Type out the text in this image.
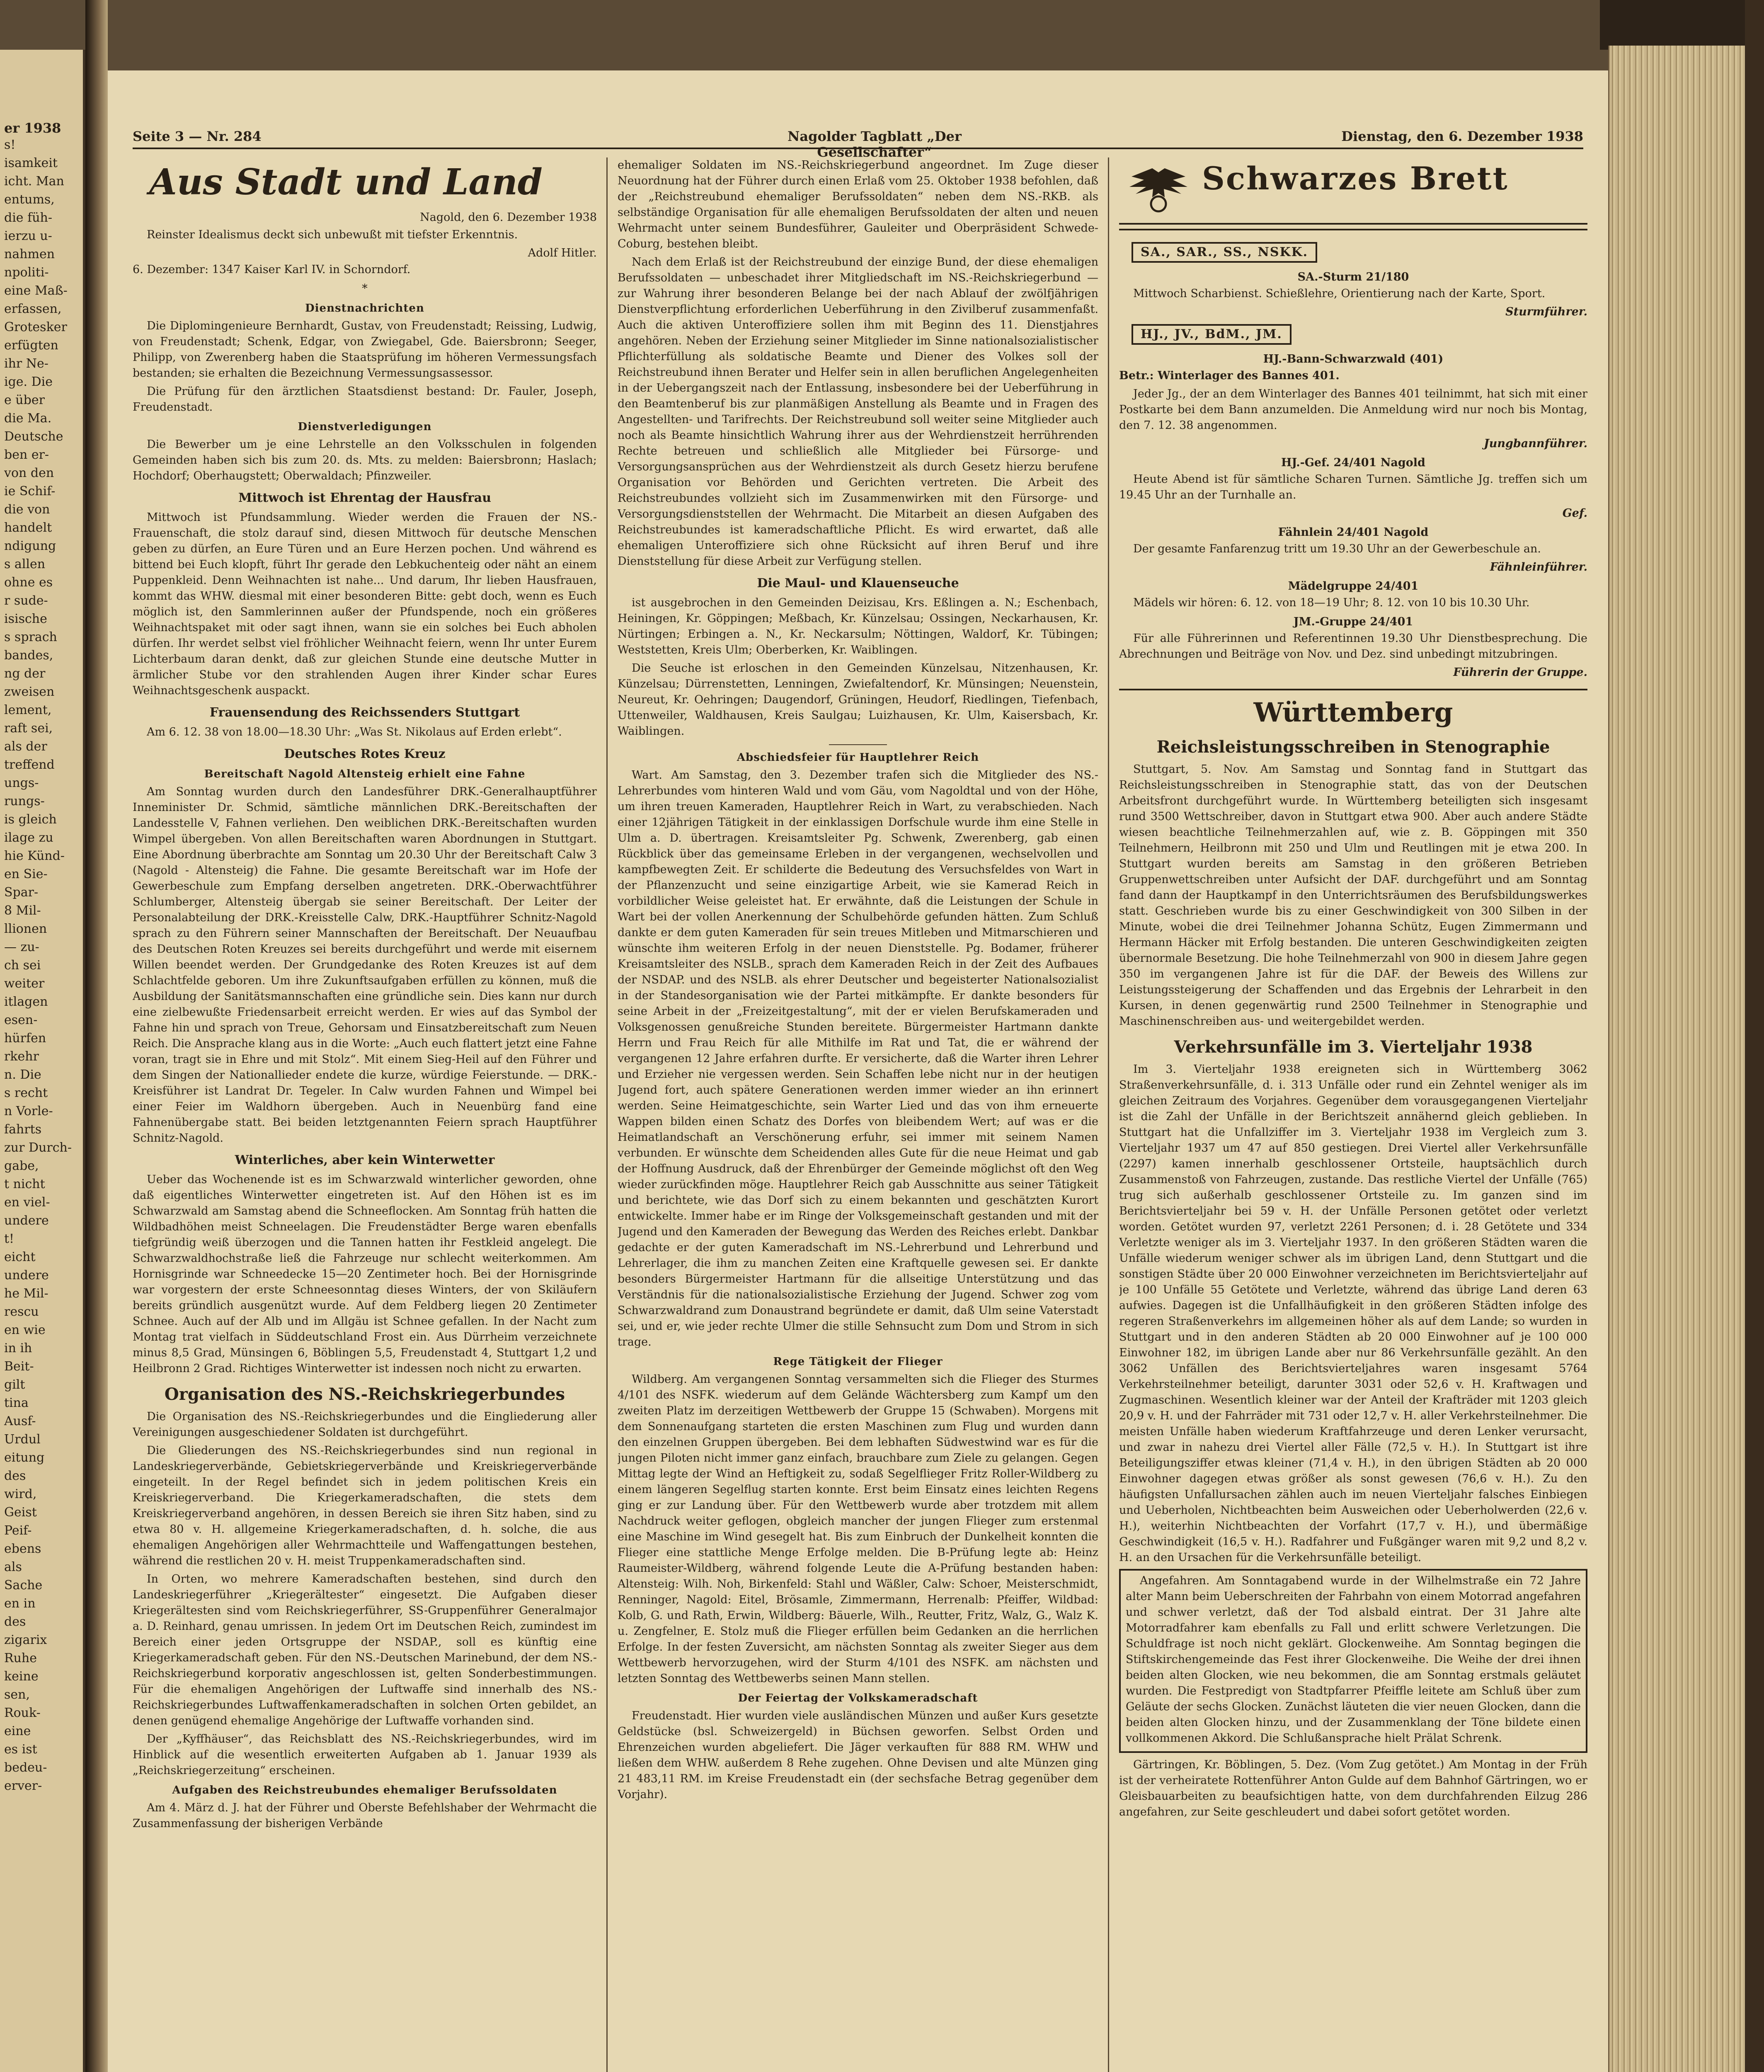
er 1938
s!
isamkeit
icht. Man
entums,
die füh-
ierzu u-
nahmen
npoliti-
eine Maß-
erfassen,
Grotesker
erfügten
ihr Ne-
ige. Die
e über
die Ma.
Deutsche
ben er-
von den
ie Schif-
die von
handelt
ndigung
s allen
ohne es
r sude-
isische
s sprach
bandes,
ng der
zweisen
lement,
raft sei,
als der
treffend
ungs-
rungs-
is gleich
ilage zu
hie Künd-
en Sie-
Spar-
8 Mil-
llionen
— zu-
ch sei
weiter
itlagen
esen-
hürfen
rkehr
n. Die
s recht
n Vorle-
fahrts
zur Durch-
gabe,
t nicht
en viel-
undere
t!
eicht
undere
he Mil-
rescu
en wie
in ih
Beit-
gilt
tina
Ausf-
Urdul
eitung
des
wird,
Geist
Peif-
ebens
als
Sache
en in
des
zigarix
Ruhe
keine
sen,
Rouk-
eine
es ist
bedeu-
erver-
Seite 3 — Nr. 284	Nagolder Tagblatt „Der Gesellschafter“
Dienstag, den 6. Dezember 1938
Aus Stadt und Land
Nagold, den 6. Dezember 1938

Reinster Idealismus deckt sich unbewußt mit tiefster Erkenntnis.

Adolf Hitler.

6. Dezember: 1347 Kaiser Karl IV. in Schorndorf.

*
Dienstnachrichten

Die Diplomingenieure Bernhardt, Gustav, von Freudenstadt; Reissing, Ludwig, von Freudenstadt; Schenk, Edgar, von Zwiegabel, Gde. Baiersbronn; Seeger, Philipp, von Zwerenberg haben die Staatsprüfung im höheren Vermessungsfach bestanden; sie erhalten die Bezeichnung Vermessungsassessor.

Die Prüfung für den ärztlichen Staatsdienst bestand: Dr. Fauler, Joseph, Freudenstadt.

Dienstverledigungen

Die Bewerber um je eine Lehrstelle an den Volksschulen in folgenden Gemeinden haben sich bis zum 20. ds. Mts. zu melden: Baiersbronn; Haslach; Hochdorf; Oberhaugstett; Oberwaldach; Pfinzweiler.

Mittwoch ist Ehrentag der Hausfrau

Mittwoch ist Pfundsammlung. Wieder werden die Frauen der NS.-Frauenschaft, die stolz darauf sind, diesen Mittwoch für deutsche Menschen geben zu dürfen, an Eure Türen und an Eure Herzen pochen. Und während es bittend bei Euch klopft, führt Ihr gerade den Lebkuchenteig oder näht an einem Puppenkleid. Denn Weihnachten ist nahe... Und darum, Ihr lieben Hausfrauen, kommt das WHW. diesmal mit einer besonderen Bitte: gebt doch, wenn es Euch möglich ist, den Sammlerinnen außer der Pfundspende, noch ein größeres Weihnachtspaket mit oder sagt ihnen, wann sie ein solches bei Euch abholen dürfen. Ihr werdet selbst viel fröhlicher Weihnacht feiern, wenn Ihr unter Eurem Lichterbaum daran denkt, daß zur gleichen Stunde eine deutsche Mutter in ärmlicher Stube vor den strahlenden Augen ihrer Kinder schar Eures Weihnachtsgeschenk auspackt.

Frauensendung des Reichssenders Stuttgart

Am 6. 12. 38 von 18.00—18.30 Uhr: „Was St. Nikolaus auf Erden erlebt“.

Deutsches Rotes Kreuz
Bereitschaft Nagold Altensteig erhielt eine Fahne

Am Sonntag wurden durch den Landesführer DRK.-Generalhauptführer Inneminister Dr. Schmid, sämtliche männlichen DRK.-Bereitschaften der Landesstelle V, Fahnen verliehen. Den weiblichen DRK.-Bereitschaften wurden Wimpel übergeben. Von allen Bereitschaften waren Abordnungen in Stuttgart. Eine Abordnung überbrachte am Sonntag um 20.30 Uhr der Bereitschaft Calw 3 (Nagold - Altensteig) die Fahne. Die gesamte Bereitschaft war im Hofe der Gewerbeschule zum Empfang derselben angetreten. DRK.-Oberwachtführer Schlumberger, Altensteig übergab sie seiner Bereitschaft. Der Leiter der Personalabteilung der DRK.-Kreisstelle Calw, DRK.-Hauptführer Schnitz-Nagold sprach zu den Führern seiner Mannschaften der Bereitschaft. Der Neuaufbau des Deutschen Roten Kreuzes sei bereits durchgeführt und werde mit eisernem Willen beendet werden. Der Grundgedanke des Roten Kreuzes ist auf dem Schlachtfelde geboren. Um ihre Zukunftsaufgaben erfüllen zu können, muß die Ausbildung der Sanitätsmannschaften eine gründliche sein. Dies kann nur durch eine zielbewußte Friedensarbeit erreicht werden. Er wies auf das Symbol der Fahne hin und sprach von Treue, Gehorsam und Einsatzbereitschaft zum Neuen Reich. Die Ansprache klang aus in die Worte: „Auch euch flattert jetzt eine Fahne voran, tragt sie in Ehre und mit Stolz“. Mit einem Sieg-Heil auf den Führer und dem Singen der Nationallieder endete die kurze, würdige Feierstunde. — DRK.-Kreisführer ist Landrat Dr. Tegeler. In Calw wurden Fahnen und Wimpel bei einer Feier im Waldhorn übergeben. Auch in Neuenbürg fand eine Fahnenübergabe statt. Bei beiden letztgenannten Feiern sprach Hauptführer Schnitz-Nagold.

Winterliches, aber kein Winterwetter

Ueber das Wochenende ist es im Schwarzwald winterlicher geworden, ohne daß eigentliches Winterwetter eingetreten ist. Auf den Höhen ist es im Schwarzwald am Samstag abend die Schneeflocken. Am Sonntag früh hatten die Wildbadhöhen meist Schneelagen. Die Freudenstädter Berge waren ebenfalls tiefgründig weiß überzogen und die Tannen hatten ihr Festkleid angelegt. Die Schwarzwaldhochstraße ließ die Fahrzeuge nur schlecht weiterkommen. Am Hornisgrinde war Schneedecke 15—20 Zentimeter hoch. Bei der Hornisgrinde war vorgestern der erste Schneesonntag dieses Winters, der von Skiläufern bereits gründlich ausgenützt wurde. Auf dem Feldberg liegen 20 Zentimeter Schnee. Auch auf der Alb und im Allgäu ist Schnee gefallen. In der Nacht zum Montag trat vielfach in Süddeutschland Frost ein. Aus Dürrheim verzeichnete minus 8,5 Grad, Münsingen 6, Böblingen 5,5, Freudenstadt 4, Stuttgart 1,2 und Heilbronn 2 Grad. Richtiges Winterwetter ist indessen noch nicht zu erwarten.

Organisation des NS.-Reichskriegerbundes

Die Organisation des NS.-Reichskriegerbundes und die Eingliederung aller Vereinigungen ausgeschiedener Soldaten ist durchgeführt.

Die Gliederungen des NS.-Reichskriegerbundes sind nun regional in Landeskriegerverbände, Gebietskriegerverbände und Kreiskriegerverbände eingeteilt. In der Regel befindet sich in jedem politischen Kreis ein Kreiskriegerverband. Die Kriegerkameradschaften, die stets dem Kreiskriegerverband angehören, in dessen Bereich sie ihren Sitz haben, sind zu etwa 80 v. H. allgemeine Kriegerkameradschaften, d. h. solche, die aus ehemaligen Angehörigen aller Wehrmachtteile und Waffengattungen bestehen, während die restlichen 20 v. H. meist Truppenkameradschaften sind.

In Orten, wo mehrere Kameradschaften bestehen, sind durch den Landeskriegerführer „Kriegerältester“ eingesetzt. Die Aufgaben dieser Kriegerältesten sind vom Reichskriegerführer, SS-Gruppenführer Generalmajor a. D. Reinhard, genau umrissen. In jedem Ort im Deutschen Reich, zumindest im Bereich einer jeden Ortsgruppe der NSDAP., soll es künftig eine Kriegerkameradschaft geben. Für den NS.-Deutschen Marinebund, der dem NS.-Reichskriegerbund korporativ angeschlossen ist, gelten Sonderbestimmungen. Für die ehemaligen Angehörigen der Luftwaffe sind innerhalb des NS.-Reichskriegerbundes Luftwaffenkameradschaften in solchen Orten gebildet, an denen genügend ehemalige Angehörige der Luftwaffe vorhanden sind.

Der „Kyffhäuser“, das Reichsblatt des NS.-Reichskriegerbundes, wird im Hinblick auf die wesentlich erweiterten Aufgaben ab 1. Januar 1939 als „Reichskriegerzeitung“ erscheinen.

Aufgaben des Reichstreubundes ehemaliger Berufssoldaten

Am 4. März d. J. hat der Führer und Oberste Befehlshaber der Wehrmacht die Zusammenfassung der bisherigen Verbände

ehemaliger Soldaten im NS.-Reichskriegerbund angeordnet. Im Zuge dieser Neuordnung hat der Führer durch einen Erlaß vom 25. Oktober 1938 befohlen, daß der „Reichstreubund ehemaliger Berufssoldaten“ neben dem NS.-RKB. als selbständige Organisation für alle ehemaligen Berufssoldaten der alten und neuen Wehrmacht unter seinem Bundesführer, Gauleiter und Oberpräsident Schwede-Coburg, bestehen bleibt.

Nach dem Erlaß ist der Reichstreubund der einzige Bund, der diese ehemaligen Berufssoldaten — unbeschadet ihrer Mitgliedschaft im NS.-Reichskriegerbund — zur Wahrung ihrer besonderen Belange bei der nach Ablauf der zwölfjährigen Dienstverpflichtung erforderlichen Ueberführung in den Zivilberuf zusammenfaßt. Auch die aktiven Unteroffiziere sollen ihm mit Beginn des 11. Dienstjahres angehören. Neben der Erziehung seiner Mitglieder im Sinne nationalsozialistischer Pflichterfüllung als soldatische Beamte und Diener des Volkes soll der Reichstreubund ihnen Berater und Helfer sein in allen beruflichen Angelegenheiten in der Uebergangszeit nach der Entlassung, insbesondere bei der Ueberführung in den Beamtenberuf bis zur planmäßigen Anstellung als Beamte und in Fragen des Angestellten- und Tarifrechts. Der Reichstreubund soll weiter seine Mitglieder auch noch als Beamte hinsichtlich Wahrung ihrer aus der Wehrdienstzeit herrührenden Rechte betreuen und schließlich alle Mitglieder bei Fürsorge- und Versorgungsansprüchen aus der Wehrdienstzeit als durch Gesetz hierzu berufene Organisation vor Behörden und Gerichten vertreten. Die Arbeit des Reichstreubundes vollzieht sich im Zusammenwirken mit den Fürsorge- und Versorgungsdienststellen der Wehrmacht. Die Mitarbeit an diesen Aufgaben des Reichstreubundes ist kameradschaftliche Pflicht. Es wird erwartet, daß alle ehemaligen Unteroffiziere sich ohne Rücksicht auf ihren Beruf und ihre Dienststellung für diese Arbeit zur Verfügung stellen.

Die Maul- und Klauenseuche

ist ausgebrochen in den Gemeinden Deizisau, Krs. Eßlingen a. N.; Eschenbach, Heiningen, Kr. Göppingen; Meßbach, Kr. Künzelsau; Ossingen, Neckarhausen, Kr. Nürtingen; Erbingen a. N., Kr. Neckarsulm; Nöttingen, Waldorf, Kr. Tübingen; Weststetten, Kreis Ulm; Oberberken, Kr. Waiblingen.

Die Seuche ist erloschen in den Gemeinden Künzelsau, Nitzenhausen, Kr. Künzelsau; Dürrenstetten, Lenningen, Zwiefaltendorf, Kr. Münsingen; Neuenstein, Neureut, Kr. Oehringen; Daugendorf, Grüningen, Heudorf, Riedlingen, Tiefenbach, Uttenweiler, Waldhausen, Kreis Saulgau; Luizhausen, Kr. Ulm, Kaisersbach, Kr. Waiblingen.

Abschiedsfeier für Hauptlehrer Reich

Wart. Am Samstag, den 3. Dezember trafen sich die Mitglieder des NS.-Lehrerbundes vom hinteren Wald und vom Gäu, vom Nagoldtal und von der Höhe, um ihren treuen Kameraden, Hauptlehrer Reich in Wart, zu verabschieden. Nach einer 12jährigen Tätigkeit in der einklassigen Dorfschule wurde ihm eine Stelle in Ulm a. D. übertragen. Kreisamtsleiter Pg. Schwenk, Zwerenberg, gab einen Rückblick über das gemeinsame Erleben in der vergangenen, wechselvollen und kampfbewegten Zeit. Er schilderte die Bedeutung des Versuchsfeldes von Wart in der Pflanzenzucht und seine einzigartige Arbeit, wie sie Kamerad Reich in vorbildlicher Weise geleistet hat. Er erwähnte, daß die Leistungen der Schule in Wart bei der vollen Anerkennung der Schulbehörde gefunden hätten. Zum Schluß dankte er dem guten Kameraden für sein treues Mitleben und Mitmarschieren und wünschte ihm weiteren Erfolg in der neuen Dienststelle. Pg. Bodamer, früherer Kreisamtsleiter des NSLB., sprach dem Kameraden Reich in der Zeit des Aufbaues der NSDAP. und des NSLB. als ehrer Deutscher und begeisterter Nationalsozialist in der Standesorganisation wie der Partei mitkämpfte. Er dankte besonders für seine Arbeit in der „Freizeitgestaltung“, mit der er vielen Berufskameraden und Volksgenossen genußreiche Stunden bereitete. Bürgermeister Hartmann dankte Herrn und Frau Reich für alle Mithilfe im Rat und Tat, die er während der vergangenen 12 Jahre erfahren durfte. Er versicherte, daß die Warter ihren Lehrer und Erzieher nie vergessen werden. Sein Schaffen lebe nicht nur in der heutigen Jugend fort, auch spätere Generationen werden immer wieder an ihn erinnert werden. Seine Heimatgeschichte, sein Warter Lied und das von ihm erneuerte Wappen bilden einen Schatz des Dorfes von bleibendem Wert; auf was er die Heimatlandschaft an Verschönerung erfuhr, sei immer mit seinem Namen verbunden. Er wünschte dem Scheidenden alles Gute für die neue Heimat und gab der Hoffnung Ausdruck, daß der Ehrenbürger der Gemeinde möglichst oft den Weg wieder zurückfinden möge. Hauptlehrer Reich gab Ausschnitte aus seiner Tätigkeit und berichtete, wie das Dorf sich zu einem bekannten und geschätzten Kurort entwickelte. Immer habe er im Ringe der Volksgemeinschaft gestanden und mit der Jugend und den Kameraden der Bewegung das Werden des Reiches erlebt. Dankbar gedachte er der guten Kameradschaft im NS.-Lehrerbund und Lehrerbund und Lehrerlager, die ihm zu manchen Zeiten eine Kraftquelle gewesen sei. Er dankte besonders Bürgermeister Hartmann für die allseitige Unterstützung und das Verständnis für die nationalsozialistische Erziehung der Jugend. Schwer zog vom Schwarzwaldrand zum Donaustrand begründete er damit, daß Ulm seine Vaterstadt sei, und er, wie jeder rechte Ulmer die stille Sehnsucht zum Dom und Strom in sich trage.

Rege Tätigkeit der Flieger

Wildberg. Am vergangenen Sonntag versammelten sich die Flieger des Sturmes 4/101 des NSFK. wiederum auf dem Gelände Wächtersberg zum Kampf um den zweiten Platz im derzeitigen Wettbewerb der Gruppe 15 (Schwaben). Morgens mit dem Sonnenaufgang starteten die ersten Maschinen zum Flug und wurden dann den einzelnen Gruppen übergeben. Bei dem lebhaften Südwestwind war es für die jungen Piloten nicht immer ganz einfach, brauchbare zum Ziele zu gelangen. Gegen Mittag legte der Wind an Heftigkeit zu, sodaß Segelflieger Fritz Roller-Wildberg zu einem längeren Segelflug starten konnte. Erst beim Einsatz eines leichten Regens ging er zur Landung über. Für den Wettbewerb wurde aber trotzdem mit allem Nachdruck weiter geflogen, obgleich mancher der jungen Flieger zum erstenmal eine Maschine im Wind gesegelt hat. Bis zum Einbruch der Dunkelheit konnten die Flieger eine stattliche Menge Erfolge melden. Die B-Prüfung legte ab: Heinz Raumeister-Wildberg, während folgende Leute die A-Prüfung bestanden haben: Altensteig: Wilh. Noh, Birkenfeld: Stahl und Wäßler, Calw: Schoer, Meisterschmidt, Renninger, Nagold: Eitel, Brösamle, Zimmermann, Herrenalb: Pfeiffer, Wildbad: Kolb, G. und Rath, Erwin, Wildberg: Bäuerle, Wilh., Reutter, Fritz, Walz, G., Walz K. u. Zengfelner, E. Stolz muß die Flieger erfüllen beim Gedanken an die herrlichen Erfolge. In der festen Zuversicht, am nächsten Sonntag als zweiter Sieger aus dem Wettbewerb hervorzugehen, wird der Sturm 4/101 des NSFK. am nächsten und letzten Sonntag des Wettbewerbs seinen Mann stellen.

Der Feiertag der Volkskameradschaft

Freudenstadt. Hier wurden viele ausländischen Münzen und außer Kurs gesetzte Geldstücke (bsl. Schweizergeld) in Büchsen geworfen. Selbst Orden und Ehrenzeichen wurden abgeliefert. Die Jäger verkauften für 888 RM. WHW und ließen dem WHW. außerdem 8 Rehe zugehen. Ohne Devisen und alte Münzen ging 21 483,11 RM. im Kreise Freudenstadt ein (der sechsfache Betrag gegenüber dem Vorjahr).

Schwarzes Brett
SA., SAR., SS., NSKK.
SA.-Sturm 21/180

Mittwoch Scharbienst. Schießlehre, Orientierung nach der Karte, Sport.

Sturmführer.
HJ., JV., BdM., JM.
HJ.-Bann-Schwarzwald (401)

Betr.: Winterlager des Bannes 401.

Jeder Jg., der an dem Winterlager des Bannes 401 teilnimmt, hat sich mit einer Postkarte bei dem Bann anzumelden. Die Anmeldung wird nur noch bis Montag, den 7. 12. 38 angenommen.

Jungbannführer.
HJ.-Gef. 24/401 Nagold

Heute Abend ist für sämtliche Scharen Turnen. Sämtliche Jg. treffen sich um 19.45 Uhr an der Turnhalle an.

Gef.
Fähnlein 24/401 Nagold

Der gesamte Fanfarenzug tritt um 19.30 Uhr an der Gewerbeschule an.

Fähnleinführer.
Mädelgruppe 24/401

Mädels wir hören: 6. 12. von 18—19 Uhr; 8. 12. von 10 bis 10.30 Uhr.

JM.-Gruppe 24/401

Für alle Führerinnen und Referentinnen 19.30 Uhr Dienstbesprechung. Die Abrechnungen und Beiträge von Nov. und Dez. sind unbedingt mitzubringen.

Führerin der Gruppe.
Württemberg
Reichsleistungsschreiben in Stenographie

Stuttgart, 5. Nov. Am Samstag und Sonntag fand in Stuttgart das Reichsleistungsschreiben in Stenographie statt, das von der Deutschen Arbeitsfront durchgeführt wurde. In Württemberg beteiligten sich insgesamt rund 3500 Wettschreiber, davon in Stuttgart etwa 900. Aber auch andere Städte wiesen beachtliche Teilnehmerzahlen auf, wie z. B. Göppingen mit 350 Teilnehmern, Heilbronn mit 250 und Ulm und Reutlingen mit je etwa 200. In Stuttgart wurden bereits am Samstag in den größeren Betrieben Gruppenwettschreiben unter Aufsicht der DAF. durchgeführt und am Sonntag fand dann der Hauptkampf in den Unterrichtsräumen des Berufsbildungswerkes statt. Geschrieben wurde bis zu einer Geschwindigkeit von 300 Silben in der Minute, wobei die drei Teilnehmer Johanna Schütz, Eugen Zimmermann und Hermann Häcker mit Erfolg bestanden. Die unteren Geschwindigkeiten zeigten übernormale Besetzung. Die hohe Teilnehmerzahl von 900 in diesem Jahre gegen 350 im vergangenen Jahre ist für die DAF. der Beweis des Willens zur Leistungssteigerung der Schaffenden und das Ergebnis der Lehrarbeit in den Kursen, in denen gegenwärtig rund 2500 Teilnehmer in Stenographie und Maschinenschreiben aus- und weitergebildet werden.

Verkehrsunfälle im 3. Vierteljahr 1938

Im 3. Vierteljahr 1938 ereigneten sich in Württemberg 3062 Straßenverkehrsunfälle, d. i. 313 Unfälle oder rund ein Zehntel weniger als im gleichen Zeitraum des Vorjahres. Gegenüber dem vorausgegangenen Vierteljahr ist die Zahl der Unfälle in der Berichtszeit annähernd gleich geblieben. In Stuttgart hat die Unfallziffer im 3. Vierteljahr 1938 im Vergleich zum 3. Vierteljahr 1937 um 47 auf 850 gestiegen. Drei Viertel aller Verkehrsunfälle (2297) kamen innerhalb geschlossener Ortsteile, hauptsächlich durch Zusammenstoß von Fahrzeugen, zustande. Das restliche Viertel der Unfälle (765) trug sich außerhalb geschlossener Ortsteile zu. Im ganzen sind im Berichtsvierteljahr bei 59 v. H. der Unfälle Personen getötet oder verletzt worden. Getötet wurden 97, verletzt 2261 Personen; d. i. 28 Getötete und 334 Verletzte weniger als im 3. Vierteljahr 1937. In den größeren Städten waren die Unfälle wiederum weniger schwer als im übrigen Land, denn Stuttgart und die sonstigen Städte über 20 000 Einwohner verzeichneten im Berichtsvierteljahr auf je 100 Unfälle 55 Getötete und Verletzte, während das übrige Land deren 63 aufwies. Dagegen ist die Unfallhäufigkeit in den größeren Städten infolge des regeren Straßenverkehrs im allgemeinen höher als auf dem Lande; so wurden in Stuttgart und in den anderen Städten ab 20 000 Einwohner auf je 100 000 Einwohner 182, im übrigen Lande aber nur 86 Verkehrsunfälle gezählt. An den 3062 Unfällen des Berichtsvierteljahres waren insgesamt 5764 Verkehrsteilnehmer beteiligt, darunter 3031 oder 52,6 v. H. Kraftwagen und Zugmaschinen. Wesentlich kleiner war der Anteil der Krafträder mit 1203 gleich 20,9 v. H. und der Fahrräder mit 731 oder 12,7 v. H. aller Verkehrsteilnehmer. Die meisten Unfälle haben wiederum Kraftfahrzeuge und deren Lenker verursacht, und zwar in nahezu drei Viertel aller Fälle (72,5 v. H.). In Stuttgart ist ihre Beteiligungsziffer etwas kleiner (71,4 v. H.), in den übrigen Städten ab 20 000 Einwohner dagegen etwas größer als sonst gewesen (76,6 v. H.). Zu den häufigsten Unfallursachen zählen auch im neuen Vierteljahr falsches Einbiegen und Ueberholen, Nichtbeachten beim Ausweichen oder Ueberholwerden (22,6 v. H.), weiterhin Nichtbeachten der Vorfahrt (17,7 v. H.), und übermäßige Geschwindigkeit (16,5 v. H.). Radfahrer und Fußgänger waren mit 9,2 und 8,2 v. H. an den Ursachen für die Verkehrsunfälle beteiligt.

Angefahren. Am Sonntagabend wurde in der Wilhelmstraße ein 72 Jahre alter Mann beim Ueberschreiten der Fahrbahn von einem Motorrad angefahren und schwer verletzt, daß der Tod alsbald eintrat. Der 31 Jahre alte Motorradfahrer kam ebenfalls zu Fall und erlitt schwere Verletzungen. Die Schuldfrage ist noch nicht geklärt. Glockenweihe. Am Sonntag begingen die Stiftskirchengemeinde das Fest ihrer Glockenweihe. Die Weihe der drei ihnen beiden alten Glocken, wie neu bekommen, die am Sonntag erstmals geläutet wurden. Die Festpredigt von Stadtpfarrer Pfeiffle leitete am Schluß über zum Geläute der sechs Glocken. Zunächst läuteten die vier neuen Glocken, dann die beiden alten Glocken hinzu, und der Zusammenklang der Töne bildete einen vollkommenen Akkord. Die Schlußansprache hielt Prälat Schrenk.

Gärtringen, Kr. Böblingen, 5. Dez. (Vom Zug getötet.) Am Montag in der Früh ist der verheiratete Rottenführer Anton Gulde auf dem Bahnhof Gärtringen, wo er Gleisbauarbeiten zu beaufsichtigen hatte, von dem durchfahrenden Eilzug 286 angefahren, zur Seite geschleudert und dabei sofort getötet worden.
